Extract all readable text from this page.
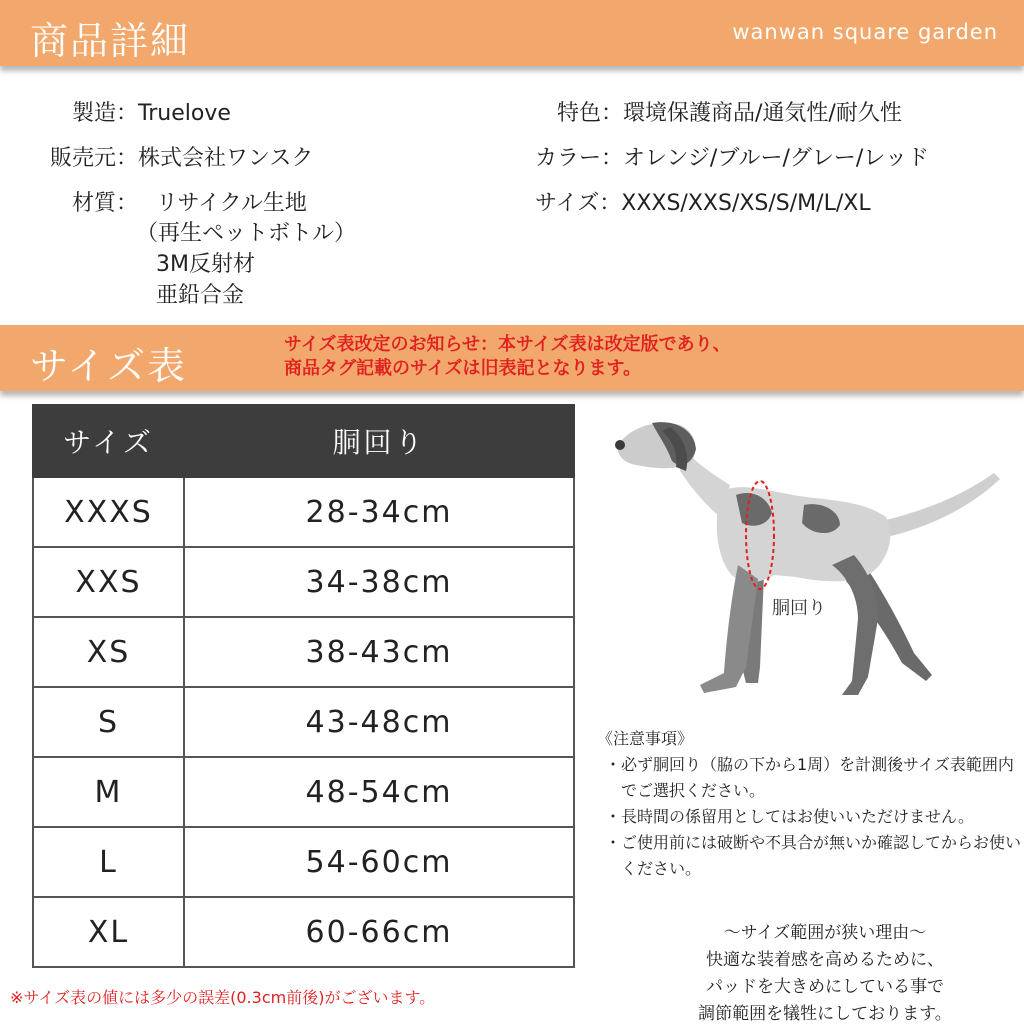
商品詳細	wanwan square garden
製造：Truelove
販売元：株式会社ワンスク
材質： リサイクル生地
（再生ペットボトル）
3M反射材
亜鉛合金
特色：環境保護商品/通気性/耐久性
カラー：オレンジ/ブルー/グレー/レッド
サイズ：XXXS/XXS/XS/S/M/L/XL
サイズ表	サイズ表改定のお知らせ：本サイズ表は改定版であり、
商品タグ記載のサイズは旧表記となります。
サイズ	胴回り
XXXS	28-34cm
XXS	34-38cm
XS	38-43cm
S	43-48cm
M	48-54cm
L	54-60cm
XL	60-66cm
※サイズ表の値には多少の誤差(0.3cm前後)がございます。
胴回り
《注意事項》
・必ず胴回り（脇の下から1周）を計測後サイズ表範囲内でご選択ください。
・長時間の係留用としてはお使いいただけません。
・ご使用前には破断や不具合が無いか確認してからお使いください。
〜サイズ範囲が狭い理由〜
快適な装着感を高めるために、
パッドを大きめにしている事で
調節範囲を犠牲にしております。
